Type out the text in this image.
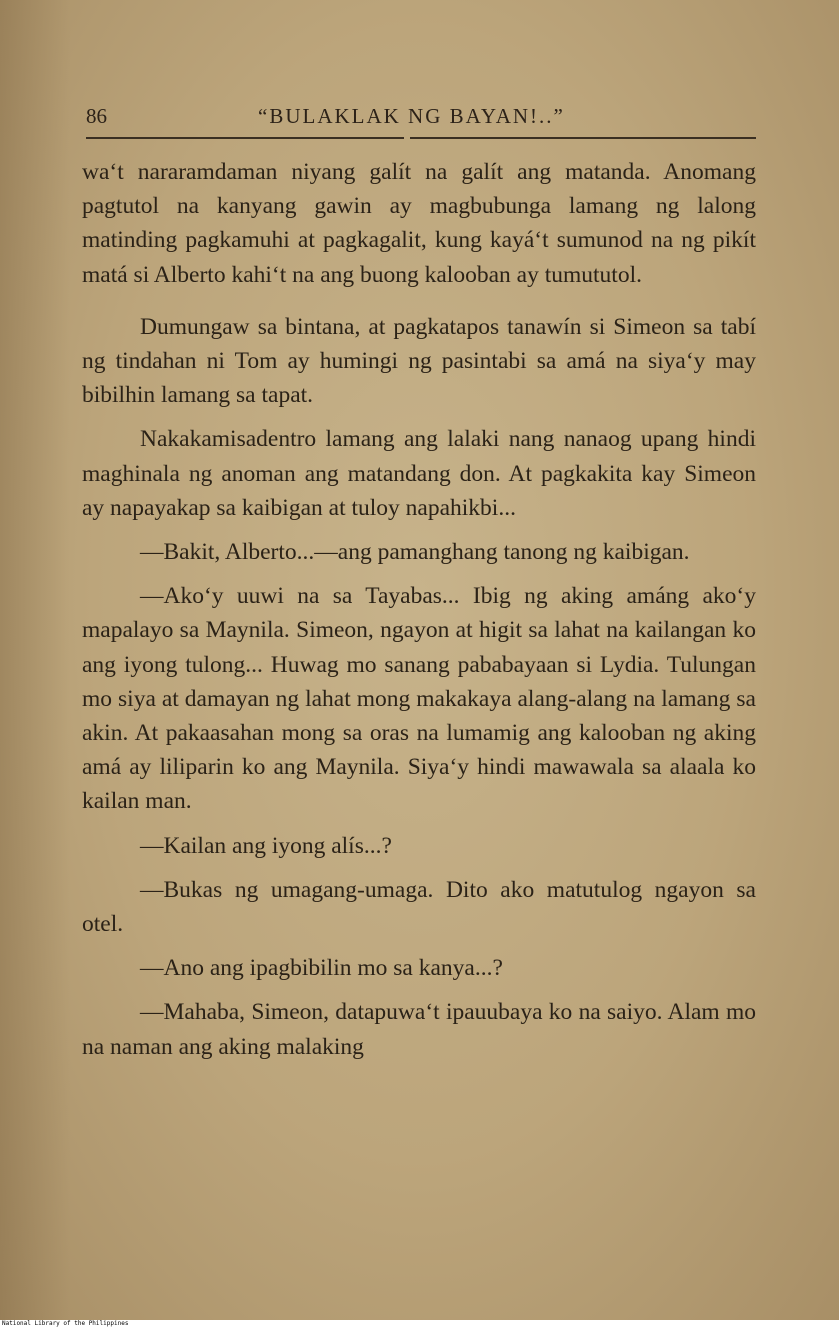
86	“BULAKLAK NG BAYAN!..”

wa‘t nararamdaman niyang galít na galít ang matanda. Anomang pagtutol na kanyang gawin ay magbubunga lamang ng lalong matinding pagkamuhi at pagkagalit, kung kayá‘t sumunod na ng pikít matá si Alberto kahi‘t na ang buong kalooban ay tumututol.

Dumungaw sa bintana, at pagkatapos tanawín si Simeon sa tabí ng tindahan ni Tom ay humingi ng pasintabi sa amá na siya‘y may bibilhin lamang sa tapat.

Nakakamisadentro lamang ang lalaki nang nanaog upang hindi maghinala ng anoman ang matandang don. At pagkakita kay Simeon ay napayakap sa kaibigan at tuloy napahikbi...

—Bakit, Alberto...—ang pamanghang tanong ng kaibigan.

—Ako‘y uuwi na sa Tayabas... Ibig ng aking amáng ako‘y mapalayo sa Maynila. Simeon, ngayon at higit sa lahat na kailangan ko ang iyong tulong... Huwag mo sanang pababayaan si Lydia. Tulungan mo siya at damayan ng lahat mong makakaya alang-alang na lamang sa akin. At pakaasahan mong sa oras na lumamig ang kalooban ng aking amá ay liliparin ko ang Maynila. Siya‘y hindi mawawala sa alaala ko kailan man.

—Kailan ang iyong alís...?

—Bukas ng umagang-umaga. Dito ako matutulog ngayon sa otel.

—Ano ang ipagbibilin mo sa kanya...?

—Mahaba, Simeon, datapuwa‘t ipauubaya ko na saiyo. Alam mo na naman ang aking malaking

National Library of the Philippines
